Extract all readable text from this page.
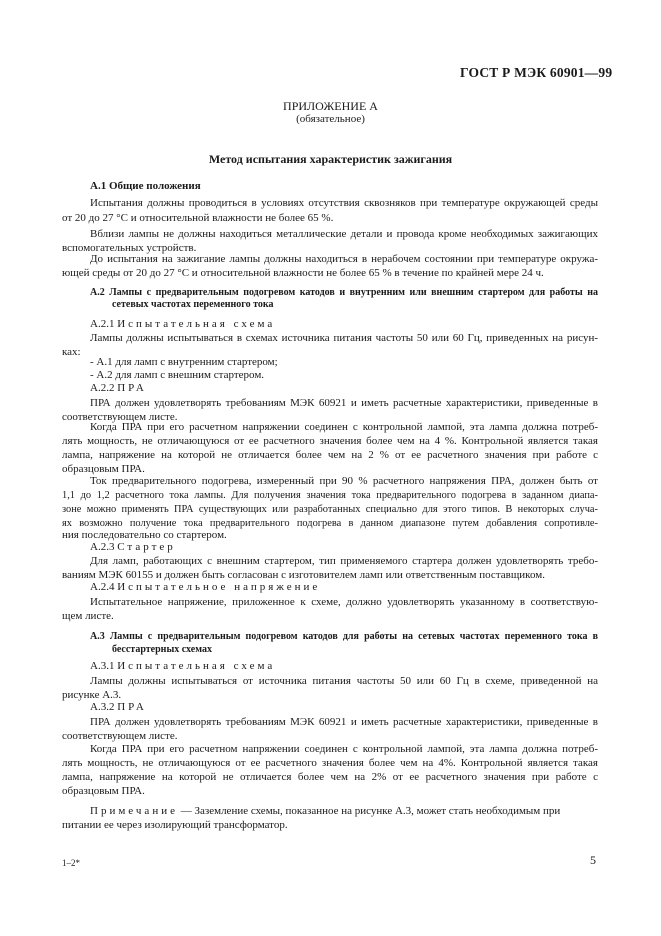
ГОСТ Р МЭК 60901—99
ПРИЛОЖЕНИЕ А
(обязательное)
Метод испытания характеристик зажигания
А.1 Общие положения
Испытания должны проводиться в условиях отсутствия сквозняков при температуре окружающей среды
от 20 до 27 °С и относительной влажности не более 65 %.
Вблизи лампы не должны находиться металлические детали и провода кроме необходимых зажигающих
вспомогательных устройств.
До испытания на зажигание лампы должны находиться в нерабочем состоянии при температуре окружа-
ющей среды от 20 до 27 °С и относительной влажности не более 65 % в течение по крайней мере 24 ч.
А.2 Лампы с предварительным подогревом катодов и внутренним или внешним стартером для работы на
сетевых частотах переменного тока
А.2.1 Испытательная схема
Лампы должны испытываться в схемах источника питания частоты 50 или 60 Гц, приведенных на рисун-
ках:
- А.1 для ламп с внутренним стартером;
- А.2 для ламп с внешним стартером.
А.2.2 ПРА
ПРА должен удовлетворять требованиям МЭК 60921 и иметь расчетные характеристики, приведенные в
соответствующем листе.
Когда ПРА при его расчетном напряжении соединен с контрольной лампой, эта лампа должна потреб-
лять мощность, не отличающуюся от ее расчетного значения более чем на 4 %. Контрольной является такая
лампа, напряжение на которой не отличается более чем на 2 % от ее расчетного значения при работе с
образцовым ПРА.
Ток предварительного подогрева, измеренный при 90 % расчетного напряжения ПРА, должен быть от
1,1 до 1,2 расчетного тока лампы. Для получения значения тока предварительного подогрева в заданном диапа-
зоне можно применять ПРА существующих или разработанных специально для этого типов. В некоторых случа-
ях возможно получение тока предварительного подогрева в данном диапазоне путем добавления сопротивле-
ния последовательно со стартером.
А.2.3 Стартер
Для ламп, работающих с внешним стартером, тип применяемого стартера должен удовлетворять требо-
ваниям МЭК 60155 и должен быть согласован с изготовителем ламп или ответственным поставщиком.
А.2.4 Испытательное напряжение
Испытательное напряжение, приложенное к схеме, должно удовлетворять указанному в соответствую-
щем листе.
А.3 Лампы с предварительным подогревом катодов для работы на сетевых частотах переменного тока в
бесстартерных схемах
А.3.1 Испытательная схема
Лампы должны испытываться от источника питания частоты 50 или 60 Гц в схеме, приведенной на
рисунке А.3.
А.3.2 ПРА
ПРА должен удовлетворять требованиям МЭК 60921 и иметь расчетные характеристики, приведенные в
соответствующем листе.
Когда ПРА при его расчетном напряжении соединен с контрольной лампой, эта лампа должна потреб-
лять мощность, не отличающуюся от ее расчетного значения более чем на 4%. Контрольной является такая
лампа, напряжение на которой не отличается более чем на 2% от ее расчетного значения при работе с
образцовым ПРА.
Примечание — Заземление схемы, показанное на рисунке А.3, может стать необходимым при
питании ее через изолирующий трансформатор.
1–2*	5
